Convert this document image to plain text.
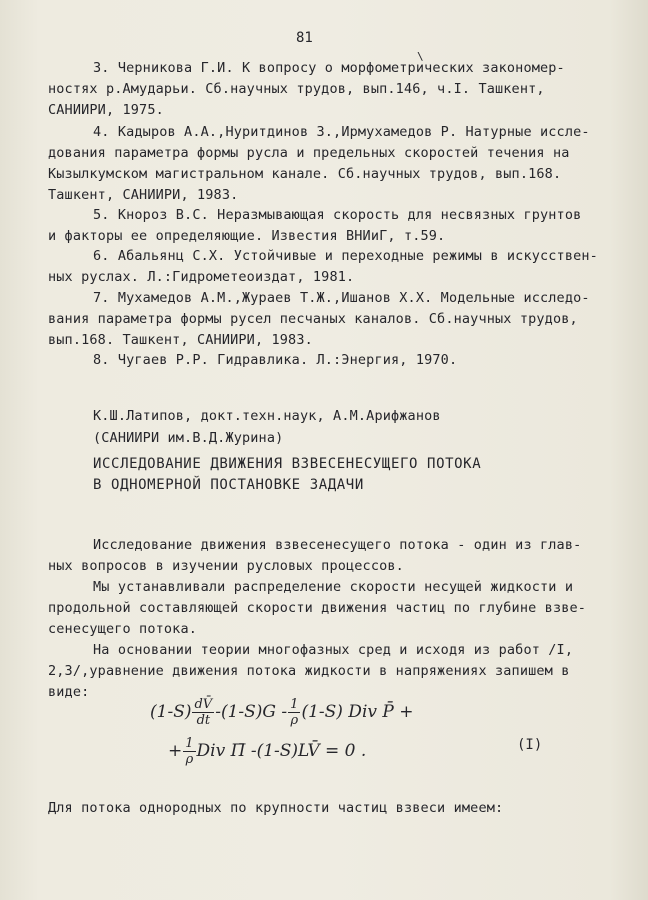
81
\
3. Черникова Г.И. К вопросу о морфометрических закономер-
ностях р.Амударьи. Сб.научных трудов, вып.146, ч.I. Ташкент,
САНИИРИ, 1975.
4. Кадыров А.А.,Нуритдинов З.,Ирмухамедов Р. Натурные иссле-
дования параметра формы русла и предельных скоростей течения на
Кызылкумском магистральном канале. Сб.научных трудов, вып.168.
Ташкент, САНИИРИ, 1983.
5. Кнороз В.С. Неразмывающая скорость для несвязных грунтов
и факторы ее определяющие. Известия ВНИиГ, т.59.
6. Абальянц С.Х. Устойчивые и переходные режимы в искусствен-
ных руслах. Л.:Гидрометеоиздат, 1981.
7. Мухамедов А.М.,Жураев Т.Ж.,Ишанов Х.Х. Модельные исследо-
вания параметра формы русел песчаных каналов. Сб.научных трудов,
вып.168. Ташкент, САНИИРИ, 1983.
8. Чугаев Р.Р. Гидравлика. Л.:Энергия, 1970.
К.Ш.Латипов, докт.техн.наук, А.М.Арифжанов
(САНИИРИ им.В.Д.Журина)
ИССЛЕДОВАНИЕ ДВИЖЕНИЯ ВЗВЕСЕНЕСУЩЕГО ПОТОКА
В ОДНОМЕРНОЙ ПОСТАНОВКЕ ЗАДАЧИ
Исследование движения взвесенесущего потока - один из глав-
ных вопросов в изучении русловых процессов.
Мы устанавливали распределение скорости несущей жидкости и
продольной составляющей скорости движения частиц по глубине взве-
сенесущего потока.
На основании теории многофазных сред и исходя из работ /I,
2,3/,уравнение движения потока жидкости в напряжениях запишем в
виде:
$(1-S) \frac{dV̄}{dt} -(1-S)G - \frac{1}{\rho} (1-S)$ Div P̄ +
+ $\frac{1}{\rho}$ Div Π̄ -(1-S)LV̄ = 0 .	(I)
Для потока однородных по крупности частиц взвеси имеем:
